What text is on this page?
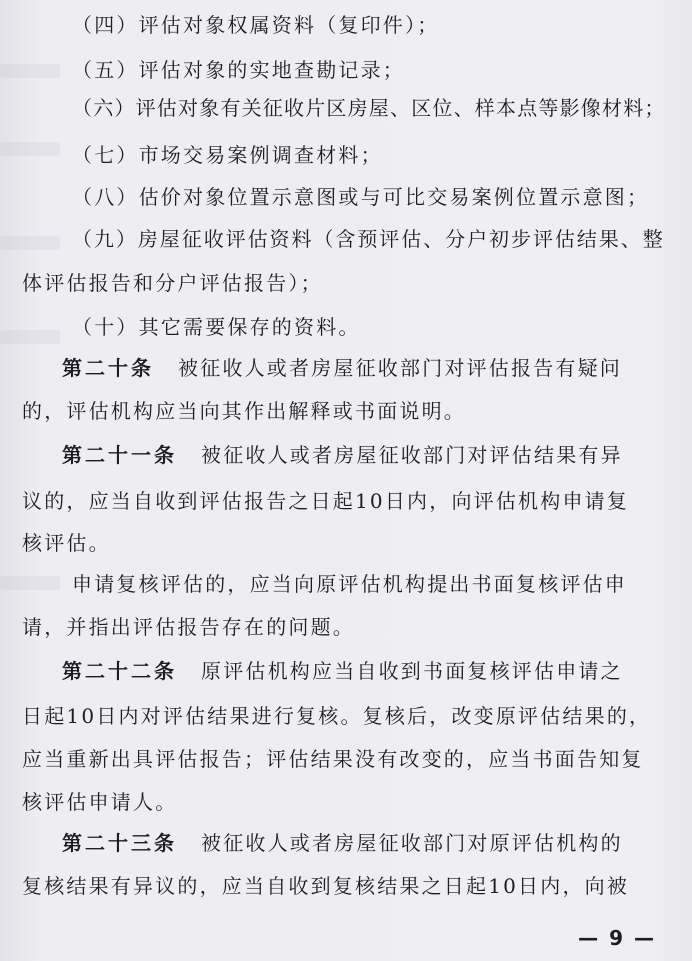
（四）评估对象权属资料（复印件）；
（五）评估对象的实地查勘记录；
（六）评估对象有关征收片区房屋、区位、样本点等影像材料；
（七）市场交易案例调查材料；
（八）估价对象位置示意图或与可比交易案例位置示意图；
（九）房屋征收评估资料（含预评估、分户初步评估结果、整
体评估报告和分户评估报告）；
（十）其它需要保存的资料。
第二十条 被征收人或者房屋征收部门对评估报告有疑问
的，评估机构应当向其作出解释或书面说明。
第二十一条 被征收人或者房屋征收部门对评估结果有异
议的，应当自收到评估报告之日起10日内，向评估机构申请复
核评估。
申请复核评估的，应当向原评估机构提出书面复核评估申
请，并指出评估报告存在的问题。
第二十二条 原评估机构应当自收到书面复核评估申请之
日起10日内对评估结果进行复核。复核后，改变原评估结果的，
应当重新出具评估报告；评估结果没有改变的，应当书面告知复
核评估申请人。
第二十三条 被征收人或者房屋征收部门对原评估机构的
复核结果有异议的，应当自收到复核结果之日起10日内，向被
— 9 —
